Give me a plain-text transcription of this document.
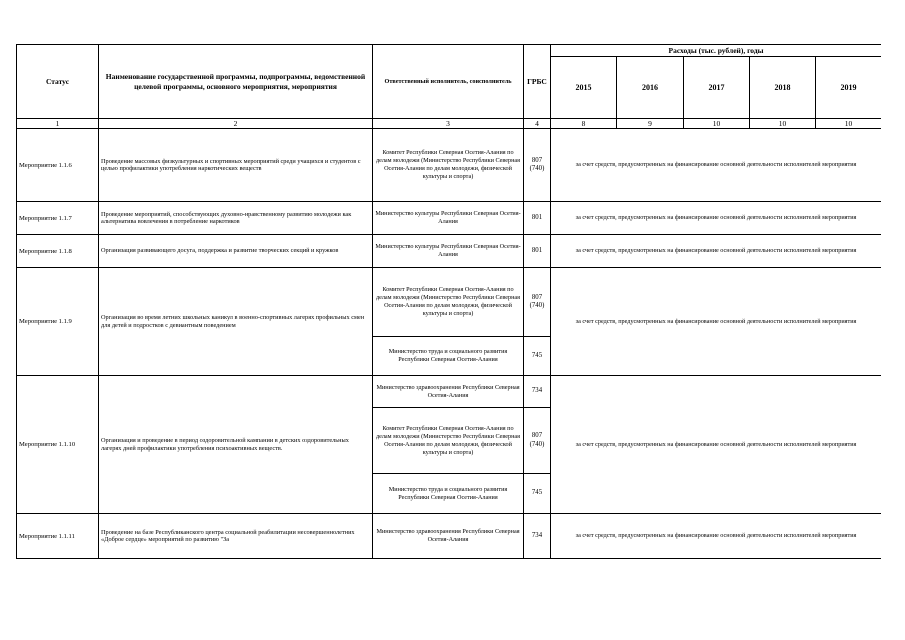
Статус	Наименование государственной программы, подпрограммы, ведомственной целевой программы, основного мероприятия, мероприятия	Ответственный исполнитель, соисполнитель	ГРБС	Расходы (тыс. рублей), годы				
				2015	2016	2017	2018	2019
1	2	3	4	8	9	10	10	10
Мероприятие 1.1.6	Проведение массовых физкультурных и спортивных мероприятий среди учащихся и студентов с целью профилактики употребления наркотических веществ	Комитет Республики Северная Осетия-Алания по делам молодежи (Министерство Республики Северная Осетия-Алания по делам молодежи, физической культуры и спорта)	807 (740)	за счет средств, предусмотренных на финансирование основной деятельности исполнителей мероприятия				
Мероприятие 1.1.7	Проведение мероприятий, способствующих духовно-нравственному развитию молодежи как альтернатива вовлечения в потребление наркотиков	Министерство культуры Республики Северная Осетия-Алания	801	за счет средств, предусмотренных на финансирование основной деятельности исполнителей мероприятия				
Мероприятие 1.1.8	Организация развивающего досуга, поддержка и развитие творческих секций и кружков	Министерство культуры Республики Северная Осетия-Алания	801	за счет средств, предусмотренных на финансирование основной деятельности исполнителей мероприятия				
Мероприятие 1.1.9	Организация во время летних школьных каникул в военно-спортивных лагерях профильных смен для детей и подростков с девиантным поведением	Комитет Республики Северная Осетия-Алания по делам молодежи (Министерство Республики Северная Осетия-Алания по делам молодежи, физической культуры и спорта)	807 (740)	за счет средств, предусмотренных на финансирование основной деятельности исполнителей мероприятия				
		Министерство труда и социального развития Республики Северная Осетия-Алания	745					
Мероприятие 1.1.10	Организация и проведение в период оздоровительной кампании в детских оздоровительных лагерях дней профилактики употребления психоактивных веществ.	Министерство здравоохранения Республики Северная Осетия-Алания	734	за счет средств, предусмотренных на финансирование основной деятельности исполнителей мероприятия				
		Комитет Республики Северная Осетия-Алания по делам молодежи (Министерство Республики Северная Осетия-Алания по делам молодежи, физической культуры и спорта)	807 (740)					
		Министерство труда и социального развития Республики Северная Осетия-Алания	745					
Мероприятие 1.1.11	Проведение на базе Республиканского центра социальной реабилитации несовершеннолетних «Доброе сердце» мероприятий по развитию "За	Министерство здравоохранения Республики Северная Осетия-Алания	734	за счет средств, предусмотренных на финансирование основной деятельности исполнителей мероприятия				
